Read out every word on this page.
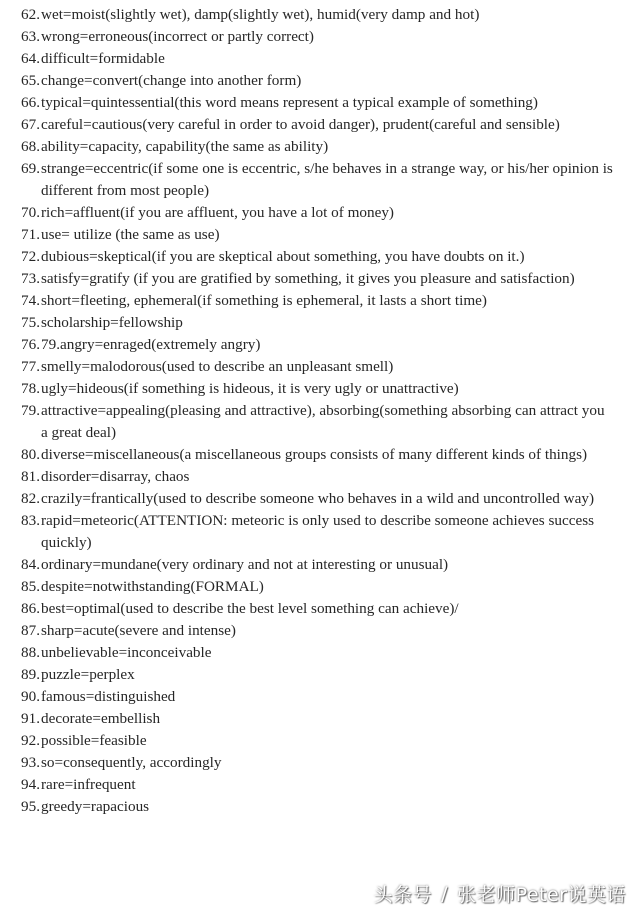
62. wet=moist(slightly wet), damp(slightly wet), humid(very damp and hot)
63. wrong=erroneous(incorrect or partly correct)
64. difficult=formidable
65. change=convert(change into another form)
66. typical=quintessential(this word means represent a typical example of something)
67. careful=cautious(very careful in order to avoid danger), prudent(careful and sensible)
68. ability=capacity, capability(the same as ability)
69. strange=eccentric(if some one is eccentric, s/he behaves in a strange way, or his/her opinion is different from most people)
70. rich=affluent(if you are affluent, you have a lot of money)
71. use= utilize (the same as use)
72. dubious=skeptical(if you are skeptical about something, you have doubts on it.)
73. satisfy=gratify (if you are gratified by something, it gives you pleasure and satisfaction)
74. short=fleeting, ephemeral(if something is ephemeral, it lasts a short time)
75. scholarship=fellowship
76. 79.angry=enraged(extremely angry)
77. smelly=malodorous(used to describe an unpleasant smell)
78. ugly=hideous(if something is hideous, it is very ugly or unattractive)
79. attractive=appealing(pleasing and attractive), absorbing(something absorbing can attract you a great deal)
80. diverse=miscellaneous(a miscellaneous groups consists of many different kinds of things)
81. disorder=disarray, chaos
82. crazily=frantically(used to describe someone who behaves in a wild and uncontrolled way)
83. rapid=meteoric(ATTENTION: meteoric is only used to describe someone achieves success quickly)
84. ordinary=mundane(very ordinary and not at interesting or unusual)
85. despite=notwithstanding(FORMAL)
86. best=optimal(used to describe the best level something can achieve)/
87. sharp=acute(severe and intense)
88. unbelievable=inconceivable
89. puzzle=perplex
90. famous=distinguished
91. decorate=embellish
92. possible=feasible
93. so=consequently, accordingly
94. rare=infrequent
95. greedy=rapacious
头条号 / 张老师Peter说英语
